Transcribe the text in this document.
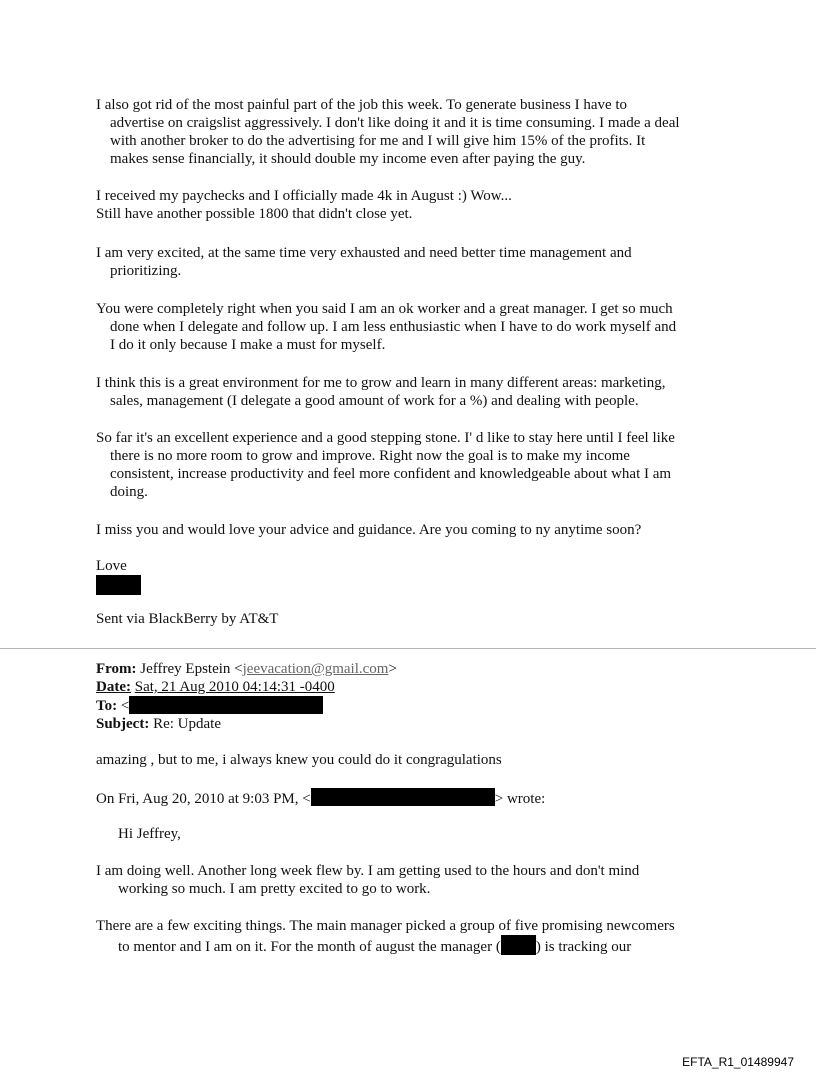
I also got rid of the most painful part of the job this week. To generate business I have to
advertise on craigslist aggressively. I don't like doing it and it is time consuming. I made a deal
with another broker to do the advertising for me and I will give him 15% of the profits. It
makes sense financially, it should double my income even after paying the guy.
I received my paychecks and I officially made 4k in August :) Wow...
Still have another possible 1800 that didn't close yet.
I am very excited, at the same time very exhausted and need better time management and
prioritizing.
You were completely right when you said I am an ok worker and a great manager. I get so much
done when I delegate and follow up. I am less enthusiastic when I have to do work myself and
I do it only because I make a must for myself.
I think this is a great environment for me to grow and learn in many different areas: marketing,
sales, management (I delegate a good amount of work for a %) and dealing with people.
So far it's an excellent experience and a good stepping stone. I' d like to stay here until I feel like
there is no more room to grow and improve. Right now the goal is to make my income
consistent, increase productivity and feel more confident and knowledgeable about what I am
doing.
I miss you and would love your advice and guidance. Are you coming to ny anytime soon?
Love
Sent via BlackBerry by AT&T
From: Jeffrey Epstein <jeevacation@gmail.com>
Date: Sat, 21 Aug 2010 04:14:31 -0400
To: <
Subject: Re: Update
amazing , but to me, i always knew you could do it congragulations
On Fri, Aug 20, 2010 at 9:03 PM, <	> wrote:
Hi Jeffrey,
I am doing well. Another long week flew by. I am getting used to the hours and don't mind
working so much. I am pretty excited to go to work.
There are a few exciting things. The main manager picked a group of five promising newcomers
to mentor and I am on it. For the month of august the manager ( ) is tracking our
EFTA_R1_01489947
